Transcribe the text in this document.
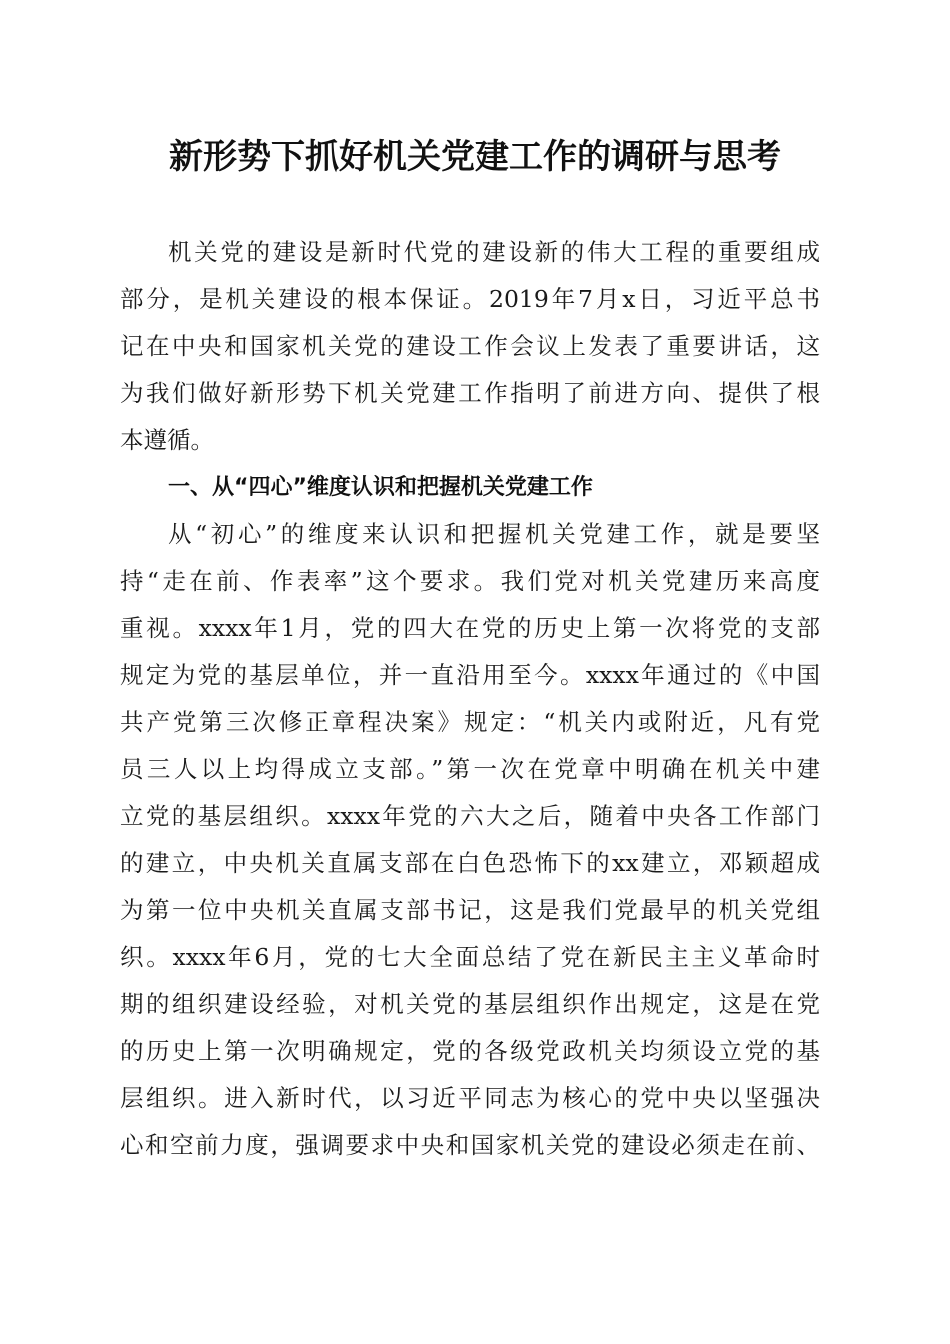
新形势下抓好机关党建工作的调研与思考
机关党的建设是新时代党的建设新的伟大工程的重要组成
部分，是机关建设的根本保证。2019年7月x日，习近平总书
记在中央和国家机关党的建设工作会议上发表了重要讲话，这
为我们做好新形势下机关党建工作指明了前进方向、提供了根
本遵循。
一、从“四心”维度认识和把握机关党建工作
从“初心”的维度来认识和把握机关党建工作，就是要坚
持“走在前、作表率”这个要求。我们党对机关党建历来高度
重视。xxxx年1月，党的四大在党的历史上第一次将党的支部
规定为党的基层单位，并一直沿用至今。xxxx年通过的《中国
共产党第三次修正章程决案》规定：“机关内或附近，凡有党
员三人以上均得成立支部。”第一次在党章中明确在机关中建
立党的基层组织。xxxx年党的六大之后，随着中央各工作部门
的建立，中央机关直属支部在白色恐怖下的xx建立，邓颖超成
为第一位中央机关直属支部书记，这是我们党最早的机关党组
织。xxxx年6月，党的七大全面总结了党在新民主主义革命时
期的组织建设经验，对机关党的基层组织作出规定，这是在党
的历史上第一次明确规定，党的各级党政机关均须设立党的基
层组织。进入新时代，以习近平同志为核心的党中央以坚强决
心和空前力度，强调要求中央和国家机关党的建设必须走在前、
